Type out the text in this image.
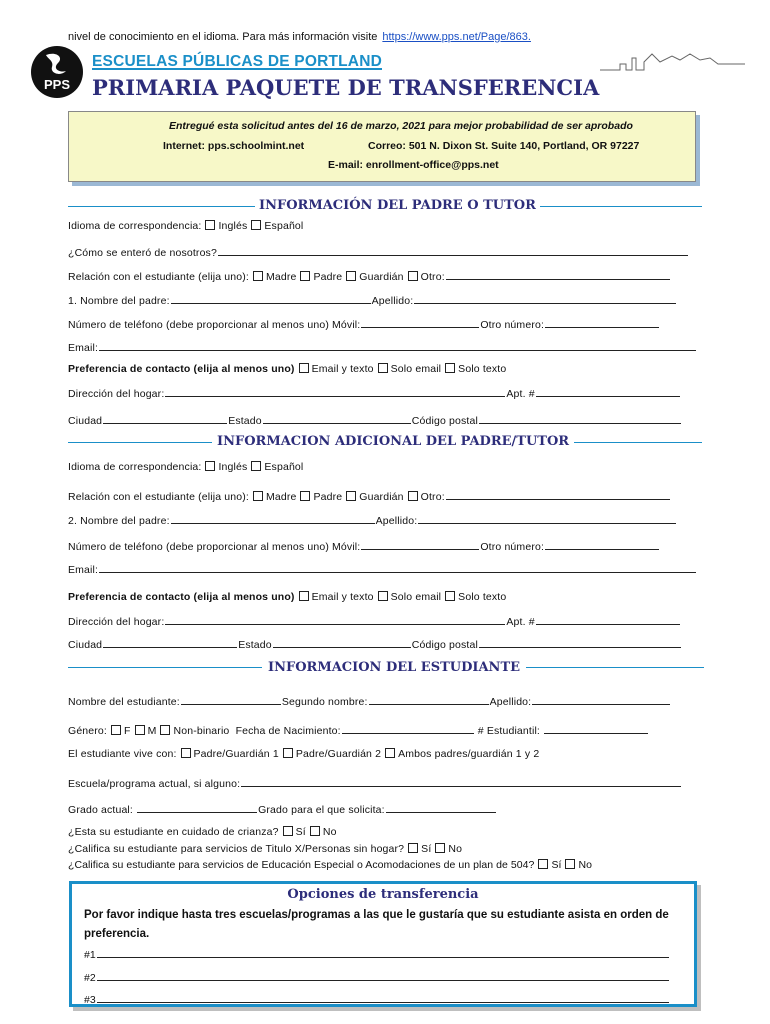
nivel de conocimiento en el idioma. Para más información visite https://www.pps.net/Page/863.
PPS
ESCUELAS PÚBLICAS DE PORTLAND
PRIMARIA PAQUETE DE TRANSFERENCIA
Entregué esta solicitud antes del 16 de marzo, 2021 para mejor probabilidad de ser aprobado
Internet: pps.schoolmint.net	Correo: 501 N. Dixon St. Suite 140, Portland, OR 97227
E-mail: enrollment-office@pps.net
INFORMACIÓN DEL PADRE O TUTOR
Idioma de correspondencia: Inglés Español
¿Cómo se enteró de nosotros?
Relación con el estudiante (elija uno): Madre Padre Guardián Otro:
1. Nombre del padre:	Apellido:
Número de teléfono (debe proporcionar al menos uno) Móvil:	Otro número:
Email:
Preferencia de contacto (elija al menos uno) Email y texto Solo email Solo texto
Dirección del hogar:	Apt. #
Ciudad	Estado	Código postal
INFORMACION ADICIONAL DEL PADRE/TUTOR
Idioma de correspondencia: Inglés Español
Relación con el estudiante (elija uno): Madre Padre Guardián Otro:
2. Nombre del padre:	Apellido:
Número de teléfono (debe proporcionar al menos uno) Móvil:	Otro número:
Email:
Preferencia de contacto (elija al menos uno) Email y texto Solo email Solo texto
Dirección del hogar:	Apt. #
Ciudad	Estado	Código postal
INFORMACION DEL ESTUDIANTE
Nombre del estudiante:	Segundo nombre:	Apellido:
Género: F M Non-binario Fecha de Nacimiento:	# Estudiantil:
El estudiante vive con: Padre/Guardián 1 Padre/Guardián 2 Ambos padres/guardián 1 y 2
Escuela/programa actual, si alguno:
Grado actual:	Grado para el que solicita:
¿Esta su estudiante en cuidado de crianza? Sí No
¿Califica su estudiante para servicios de Titulo X/Personas sin hogar? Sí No
¿Califica su estudiante para servicios de Educación Especial o Acomodaciones de un plan de 504? Sí No
Opciones de transferencia
Por favor indique hasta tres escuelas/programas a las que le gustaría que su estudiante asista en orden de preferencia.
#1
#2
#3
